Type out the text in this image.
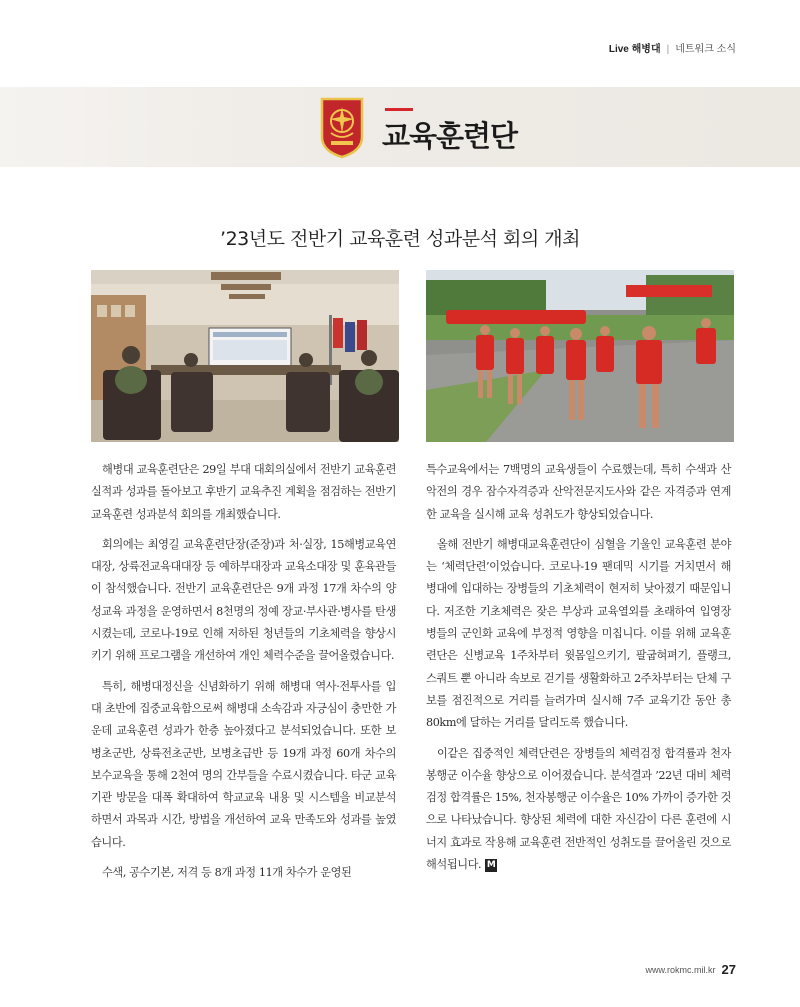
Live 해병대 | 네트워크 소식
교육훈련단
’23년도 전반기 교육훈련 성과분석 회의 개최

해병대 교육훈련단은 29일 부대 대회의실에서 전반기 교육훈련 실적과 성과를 돌아보고 후반기 교육추진 계획을 점검하는 전반기 교육훈련 성과분석 회의를 개최했습니다.

회의에는 최영길 교육훈련단장(준장)과 처·실장, 15해병교육연대장, 상륙전교육대대장 등 예하부대장과 교육소대장 및 훈육관들이 참석했습니다. 전반기 교육훈련단은 9개 과정 17개 차수의 양성교육 과정을 운영하면서 8천명의 정예 장교·부사관·병사를 탄생시켰는데, 코로나-19로 인해 저하된 청년들의 기초체력을 향상시키기 위해 프로그램을 개선하여 개인 체력수준을 끌어올렸습니다.

특히, 해병대정신을 신념화하기 위해 해병대 역사·전투사를 입대 초반에 집중교육함으로써 해병대 소속감과 자긍심이 충만한 가운데 교육훈련 성과가 한층 높아졌다고 분석되었습니다. 또한 보병초군반, 상륙전초군반, 보병초급반 등 19개 과정 60개 차수의 보수교육을 통해 2천여 명의 간부들을 수료시켰습니다. 타군 교육기관 방문을 대폭 확대하여 학교교육 내용 및 시스템을 비교분석 하면서 과목과 시간, 방법을 개선하여 교육 만족도와 성과를 높였습니다.

수색, 공수기본, 저격 등 8개 과정 11개 차수가 운영된

특수교육에서는 7백명의 교육생들이 수료했는데, 특히 수색과 산악전의 경우 잠수자격증과 산악전문지도사와 같은 자격증과 연계한 교육을 실시해 교육 성취도가 향상되었습니다.

올해 전반기 해병대교육훈련단이 심혈을 기울인 교육훈련 분야는 ‘체력단련’이었습니다. 코로나-19 팬데믹 시기를 거치면서 해병대에 입대하는 장병들의 기초체력이 현저히 낮아졌기 때문입니다. 저조한 기초체력은 잦은 부상과 교육열외를 초래하여 입영장병들의 군인화 교육에 부정적 영향을 미칩니다. 이를 위해 교육훈련단은 신병교육 1주차부터 윗몸일으키기, 팔굽혀펴기, 플랭크, 스쿼트 뿐 아니라 속보로 걷기를 생활화하고 2주차부터는 단체 구보를 점진적으로 거리를 늘려가며 실시해 7주 교육기간 동안 총 80km에 달하는 거리를 달리도록 했습니다.

이같은 집중적인 체력단련은 장병들의 체력검정 합격률과 천자봉행군 이수율 향상으로 이어졌습니다. 분석결과 ’22년 대비 체력검정 합격률은 15%, 천자봉행군 이수율은 10% 가까이 증가한 것으로 나타났습니다. 향상된 체력에 대한 자신감이 다른 훈련에 시너지 효과로 작용해 교육훈련 전반적인 성취도를 끌어올린 것으로 해석됩니다. M

www.rokmc.mil.kr 27
